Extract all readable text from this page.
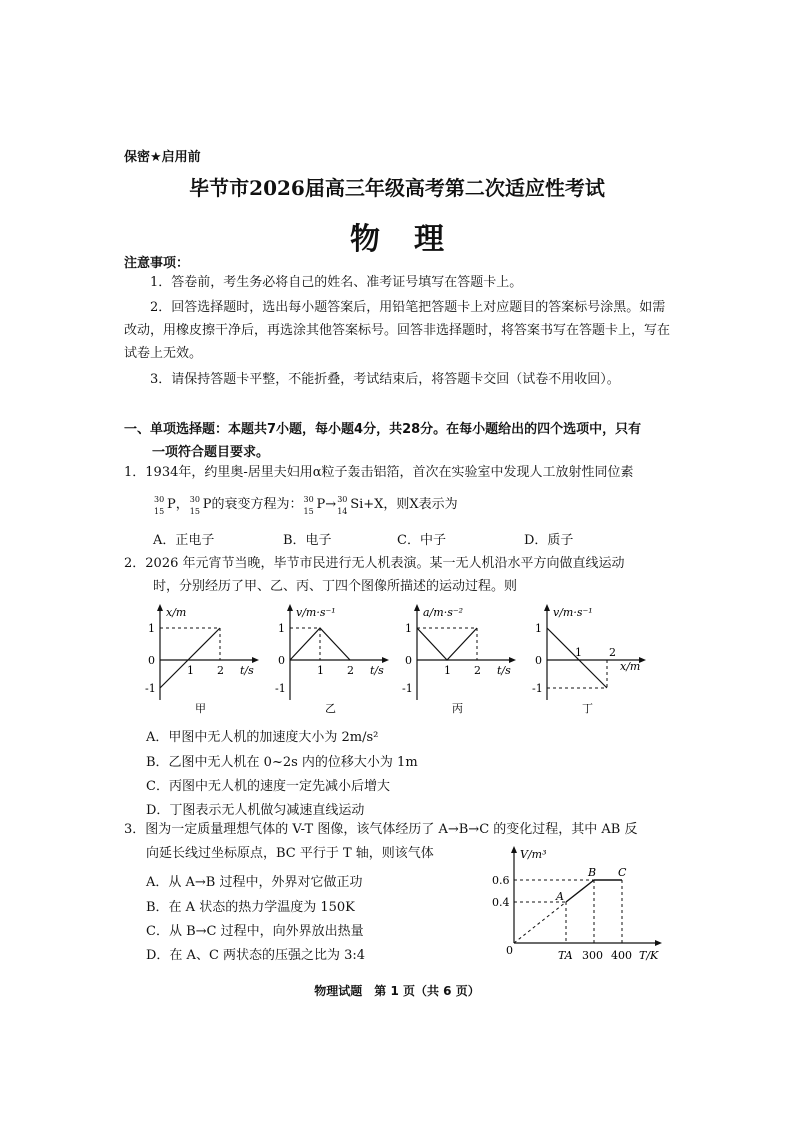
保密★启用前
毕节市2026届高三年级高考第二次适应性考试
物理
注意事项：
1．答卷前，考生务必将自己的姓名、准考证号填写在答题卡上。
2．回答选择题时，选出每小题答案后，用铅笔把答题卡上对应题目的答案标号涂黑。如需改动，用橡皮擦干净后，再选涂其他答案标号。回答非选择题时，将答案书写在答题卡上，写在试卷上无效。
3．请保持答题卡平整，不能折叠，考试结束后，将答题卡交回（试卷不用收回）。
一、单项选择题：本题共7小题，每小题4分，共28分。在每小题给出的四个选项中，只有
一项符合题目要求。
1．1934年，约里奥-居里夫妇用α粒子轰击铝箔，首次在实验室中发现人工放射性同位素
30
15 P， 30
15 P的衰变方程为： 30
15 P→ 30
14 Si+X，则X表示为
A．正电子	B．电子	C．中子	D．质子
2．2026 年元宵节当晚，毕节市民进行无人机表演。某一无人机沿水平方向做直线运动
时，分别经历了甲、乙、丙、丁四个图像所描述的运动过程。则
x/m
1
0
-1
1 2 t/s
甲
v/m·s⁻¹
1
0
-1
1 2 t/s
乙
a/m·s⁻²
1
0
-1
1 2 t/s
丙
v/m·s⁻¹
1
0
-1
1 2
x/m
丁
A．甲图中无人机的加速度大小为 2m/s²
B．乙图中无人机在 0~2s 内的位移大小为 1m
C．丙图中无人机的速度一定先减小后增大
D．丁图表示无人机做匀减速直线运动
3．图为一定质量理想气体的 V-T 图像，该气体经历了 A→B→C 的变化过程，其中 AB 反
向延长线过坐标原点，BC 平行于 T 轴，则该气体
A．从 A→B 过程中，外界对它做正功
B．在 A 状态的热力学温度为 150K
C．从 B→C 过程中，向外界放出热量
D．在 A、C 两状态的压强之比为 3:4
V/m³
0.6
0.4
0	TA 300 400 T/K
A
B C
物理试题　第 1 页（共 6 页）
